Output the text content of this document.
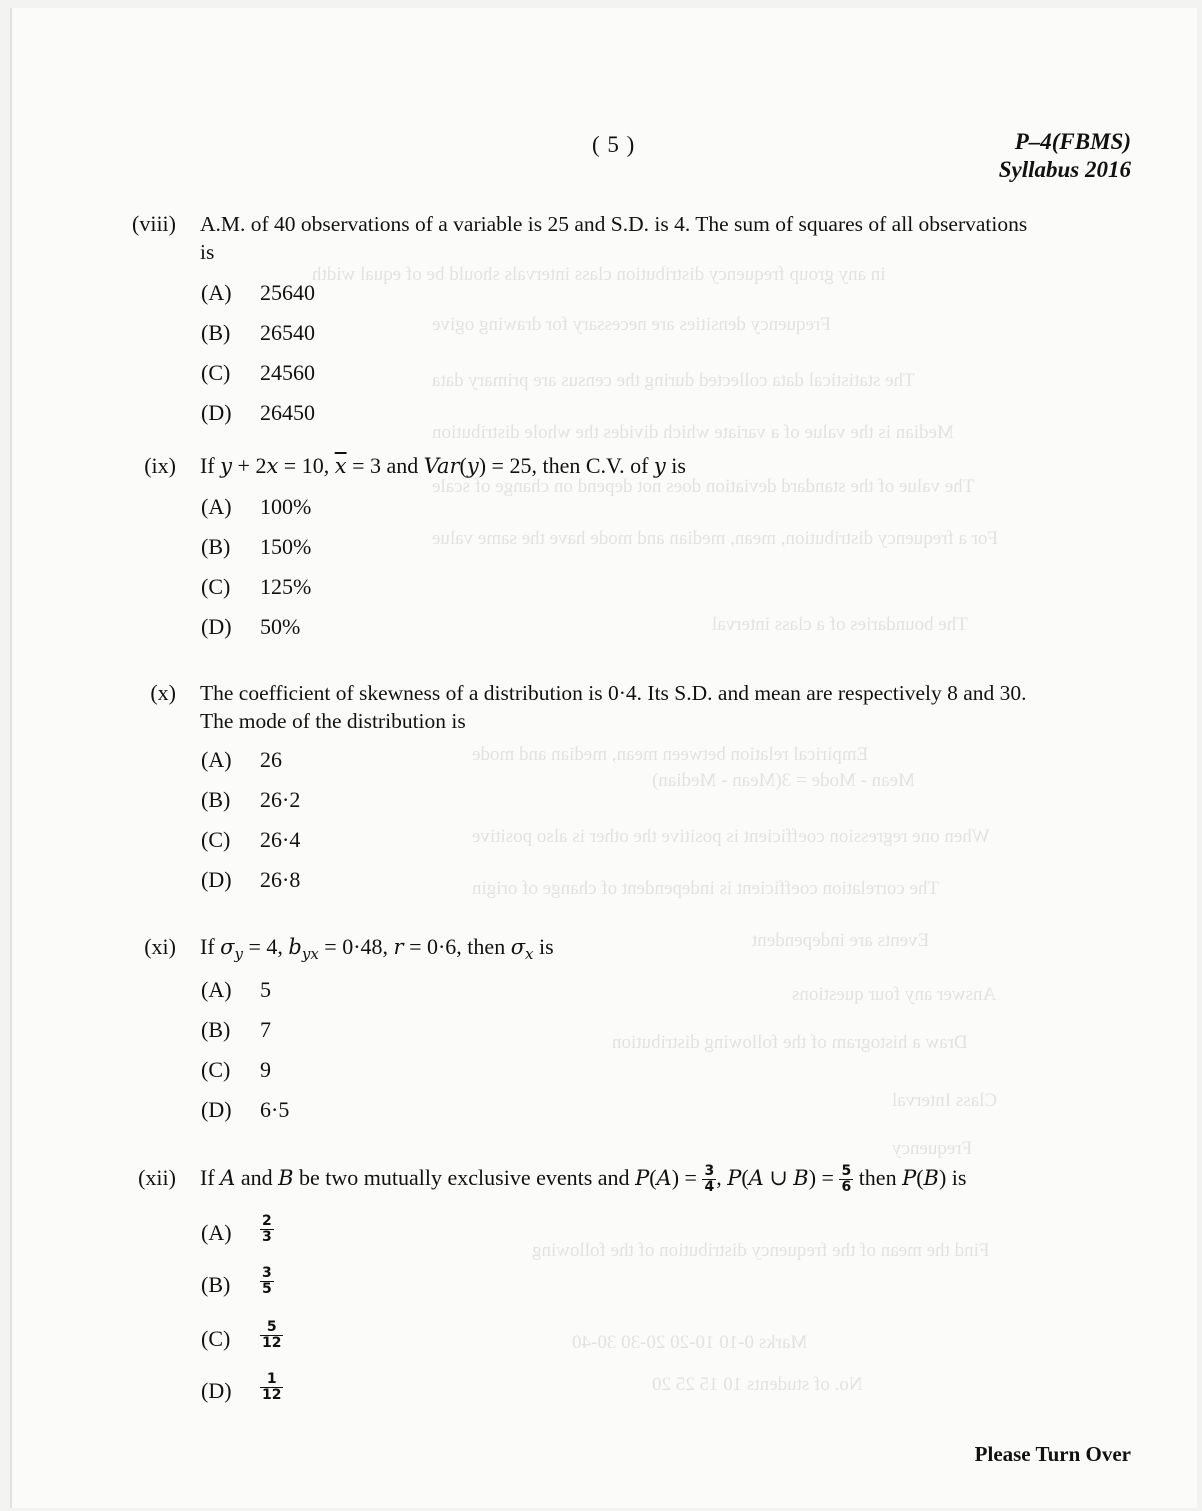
in any group frequency distribution class intervals should be of equal width
Frequency densities are necessary for drawing ogive
The statistical data collected during the census are primary data
Median is the value of a variate which divides the whole distribution
The value of the standard deviation does not depend on change of scale
For a frequency distribution, mean, median and mode have the same value
The boundaries of a class interval
Empirical relation between mean, median and mode
Mean - Mode = 3(Mean - Median)
When one regression coefficient is positive the other is also positive
The correlation coefficient is independent of change of origin
Events are independent
Answer any four questions
Draw a histogram of the following distribution
Class Interval
Frequency
Find the mean of the frequency distribution of the following
Marks 0-10 10-20 20-30 30-40
No. of students 10 15 25 20
( 5 )	P–4(FBMS)
Syllabus 2016
(viii) A.M. of 40 observations of a variable is 25 and S.D. is 4. The sum of squares of all observations
is
(A) 25640
(B) 26540
(C) 24560
(D) 26450
(ix) If y + 2x = 10, $\overline{x} = 3$ and Var(y) = 25, then C.V. of y is
(A) 100%
(B) 150%
(C) 125%
(D) 50%
(x) The coefficient of skewness of a distribution is 0·4. Its S.D. and mean are respectively 8 and 30.
The mode of the distribution is
(A) 26
(B) 26·2
(C) 26·4
(D) 26·8
(xi) If $\sigma_y = 4$, $b_{yx} = 0\cdot 48$, r = 0·6, then $\sigma_x$ is
(A) 5
(B) 7
(C) 9
(D) 6·5
(xii) If A and B be two mutually exclusive events and $P(A) = \frac{3}{4}$ , P(A ∪ $B) = \frac{5}{6}$ then P(B) is
$(A) \frac{2}{3}$
$(B) \frac{3}{5}$
$(C) \frac{5}{12}$
$(D) \frac{1}{12}$
Please Turn Over
